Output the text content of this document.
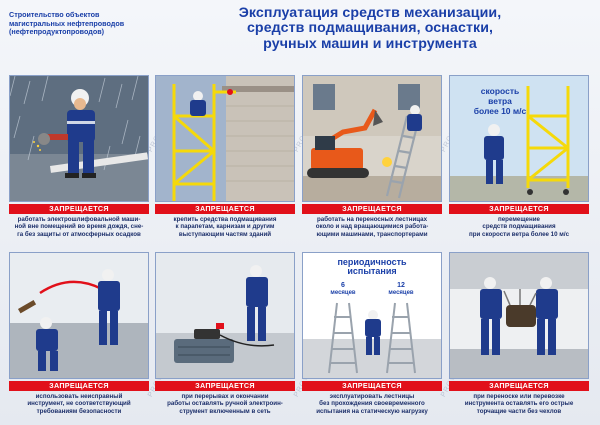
Строительство объектов
магистральных нефтепроводов
(нефтепродуктопроводов)
Эксплуатация средств механизации,
средств подмащивания, оснастки,
ручных машин и инструмента
ЗАПРЕЩАЕТСЯ
работать электрошлифовальной маши-
ной вне помещений во время дождя, сне-
га без защиты от атмосферных осадков
ЗАПРЕЩАЕТСЯ
крепить средства подмащивания
к парапетам, карнизам и другим
выступающим частям зданий
ЗАПРЕЩАЕТСЯ
работать на переносных лестницах
около и над вращающимися работа-
ющими машинами, транспортерами
скорость
ветра
более 10 м/с
ЗАПРЕЩАЕТСЯ
перемещение
средств подмащивания
при скорости ветра более 10 м/с
ЗАПРЕЩАЕТСЯ
использовать неисправный
инструмент, не соответствующий
требованиям безопасности
ЗАПРЕЩАЕТСЯ
при перерывах и окончании
работы оставлять ручной электроин-
струмент включенным в сеть
периодичность
испытания
6
месяцев
12
месяцев
ЗАПРЕЩАЕТСЯ
эксплуатировать лестницы
без прохождения своевременного
испытания на статическую нагрузку
ЗАПРЕЩАЕТСЯ
при переноске или перевозке
инструмента оставлять его острые
торчащие части без чехлов
